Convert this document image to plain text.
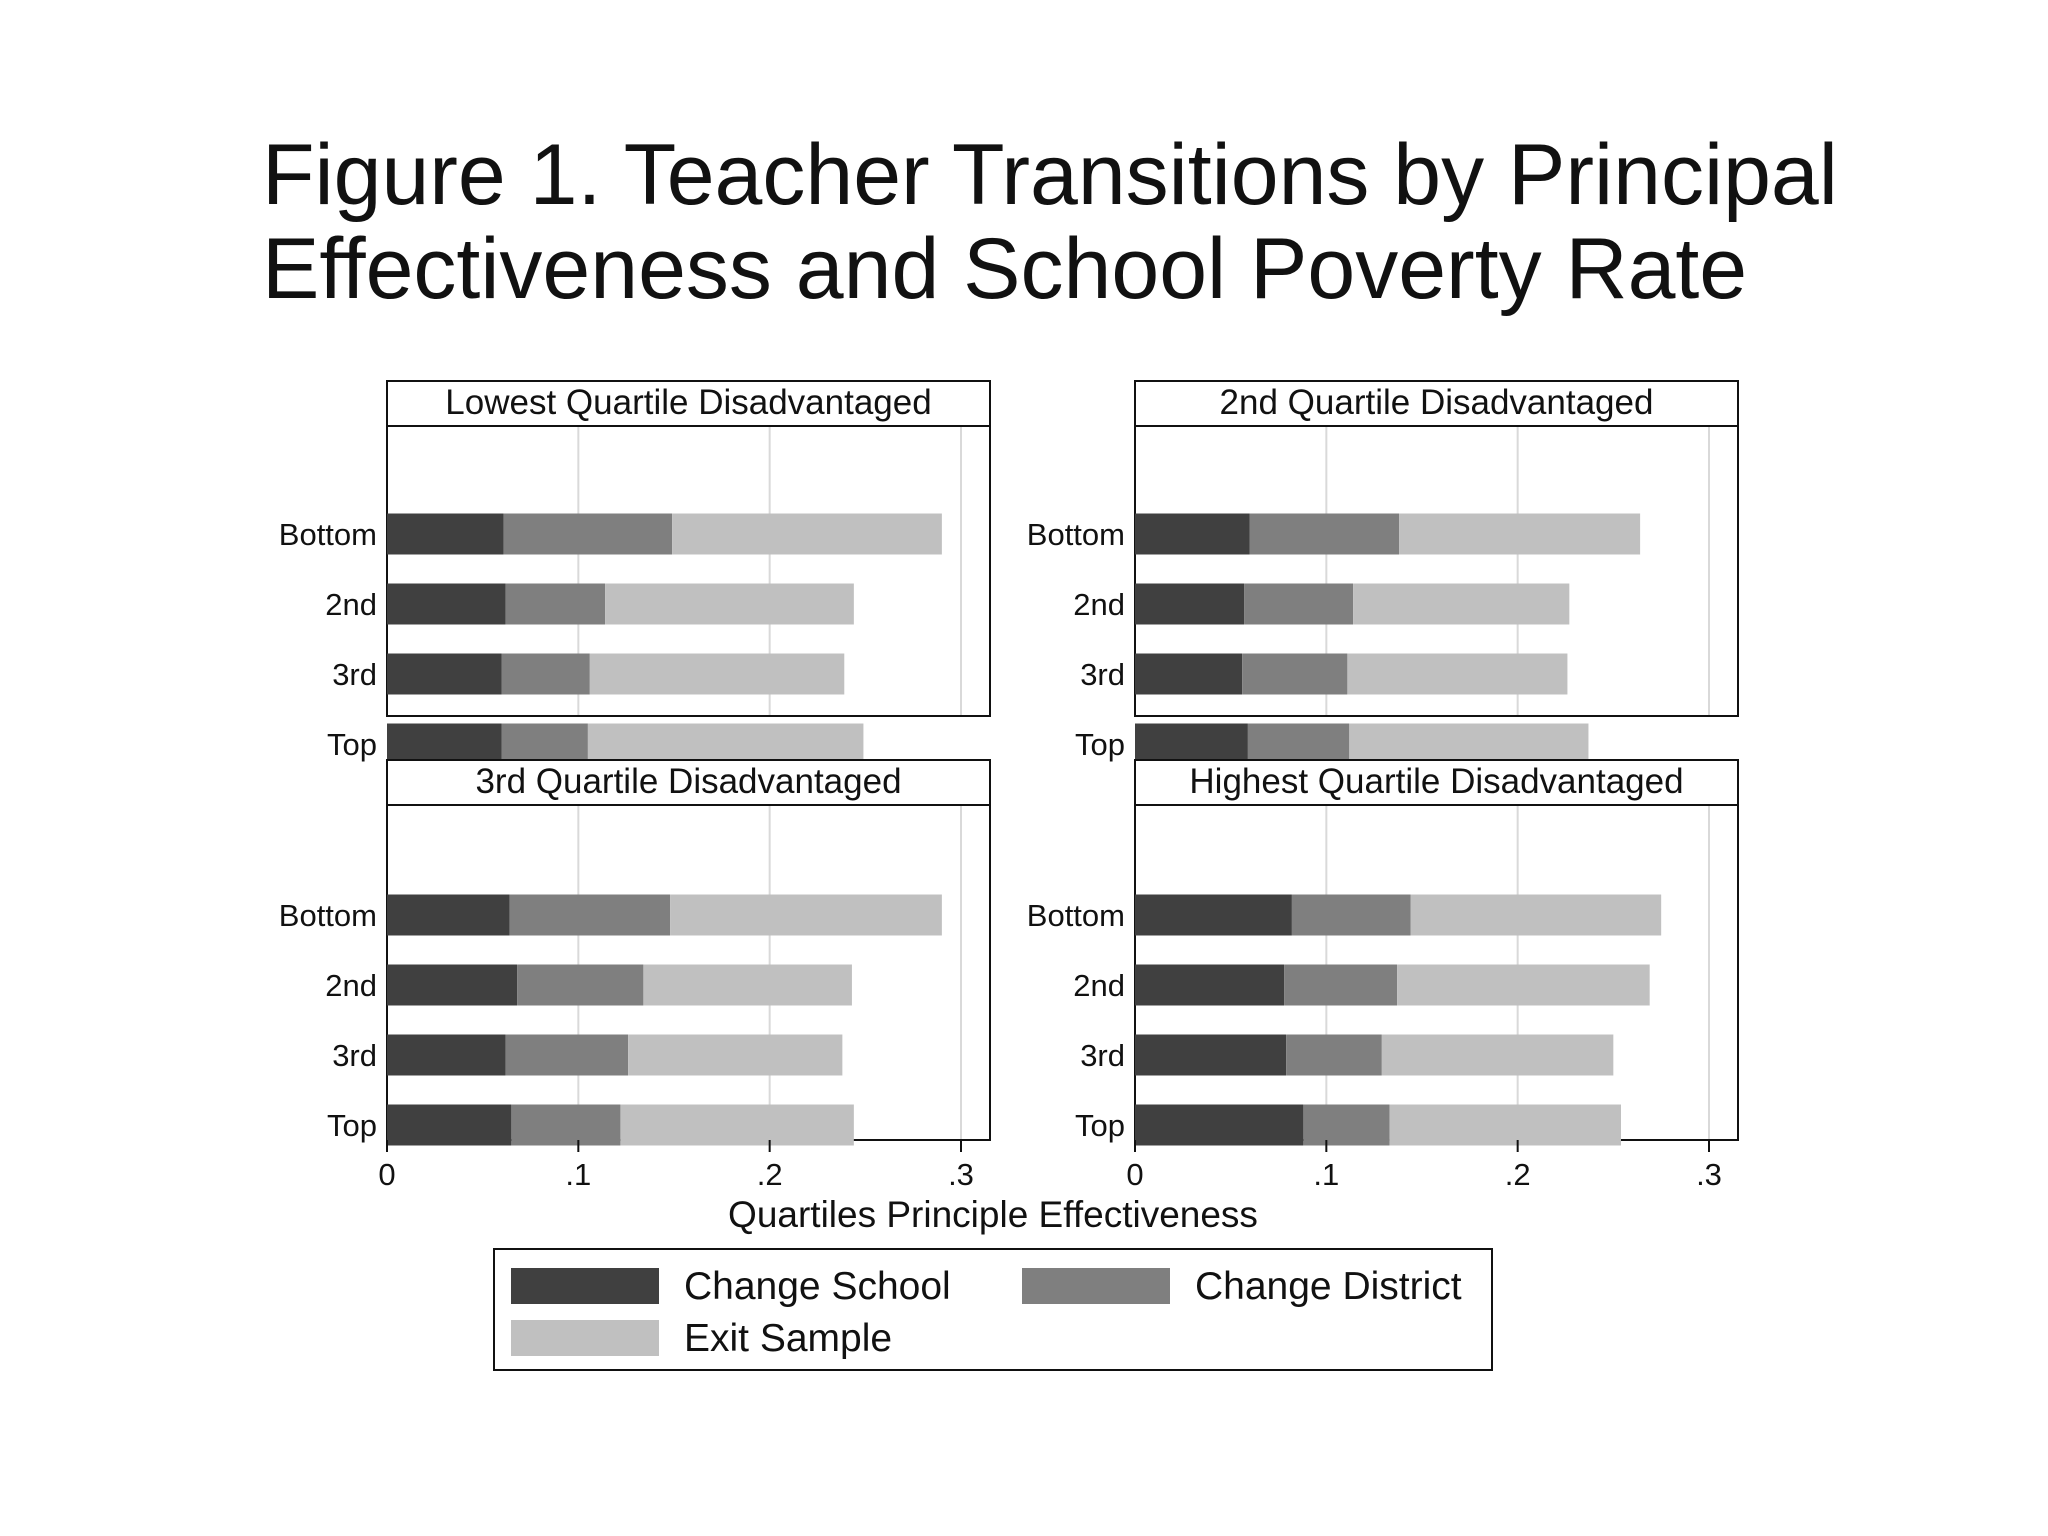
Figure 1. Teacher Transitions by Principal
Effectiveness and School Poverty Rate
Lowest Quartile Disadvantaged
Bottom
2nd
3rd
Top
2nd Quartile Disadvantaged
Bottom
2nd
3rd
Top
3rd Quartile Disadvantaged
Bottom
2nd
3rd
Top
0	.1	.2	.3
Highest Quartile Disadvantaged
Bottom
2nd
3rd
Top
0	.1	.2	.3
Quartiles Principle Effectiveness
Change School	Change District
Exit Sample
